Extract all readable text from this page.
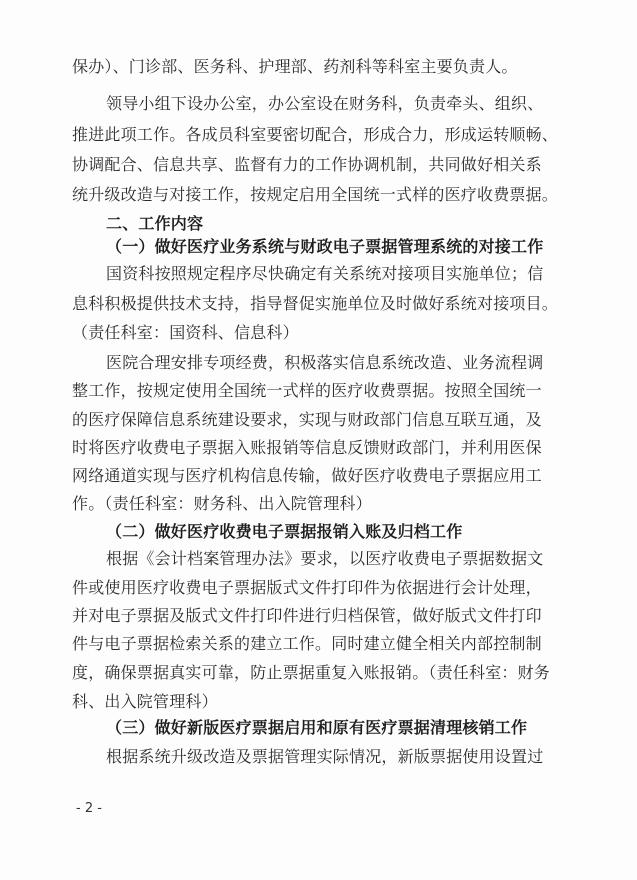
保办）、门诊部、医务科、护理部、药剂科等科室主要负责人。
领导小组下设办公室，办公室设在财务科，负责牵头、组织、
推进此项工作。各成员科室要密切配合，形成合力，形成运转顺畅、
协调配合、信息共享、监督有力的工作协调机制，共同做好相关系
统升级改造与对接工作，按规定启用全国统一式样的医疗收费票据。
二、工作内容
（一）做好医疗业务系统与财政电子票据管理系统的对接工作
国资科按照规定程序尽快确定有关系统对接项目实施单位；信
息科积极提供技术支持，指导督促实施单位及时做好系统对接项目。
（责任科室：国资科、信息科）
医院合理安排专项经费，积极落实信息系统改造、业务流程调
整工作，按规定使用全国统一式样的医疗收费票据。按照全国统一
的医疗保障信息系统建设要求，实现与财政部门信息互联互通，及
时将医疗收费电子票据入账报销等信息反馈财政部门，并利用医保
网络通道实现与医疗机构信息传输，做好医疗收费电子票据应用工
作。（责任科室：财务科、出入院管理科）
（二）做好医疗收费电子票据报销入账及归档工作
根据《会计档案管理办法》要求，以医疗收费电子票据数据文
件或使用医疗收费电子票据版式文件打印件为依据进行会计处理，
并对电子票据及版式文件打印件进行归档保管，做好版式文件打印
件与电子票据检索关系的建立工作。同时建立健全相关内部控制制
度，确保票据真实可靠，防止票据重复入账报销。（责任科室：财务
科、出入院管理科）
（三）做好新版医疗票据启用和原有医疗票据清理核销工作
根据系统升级改造及票据管理实际情况，新版票据使用设置过
- 2 -
